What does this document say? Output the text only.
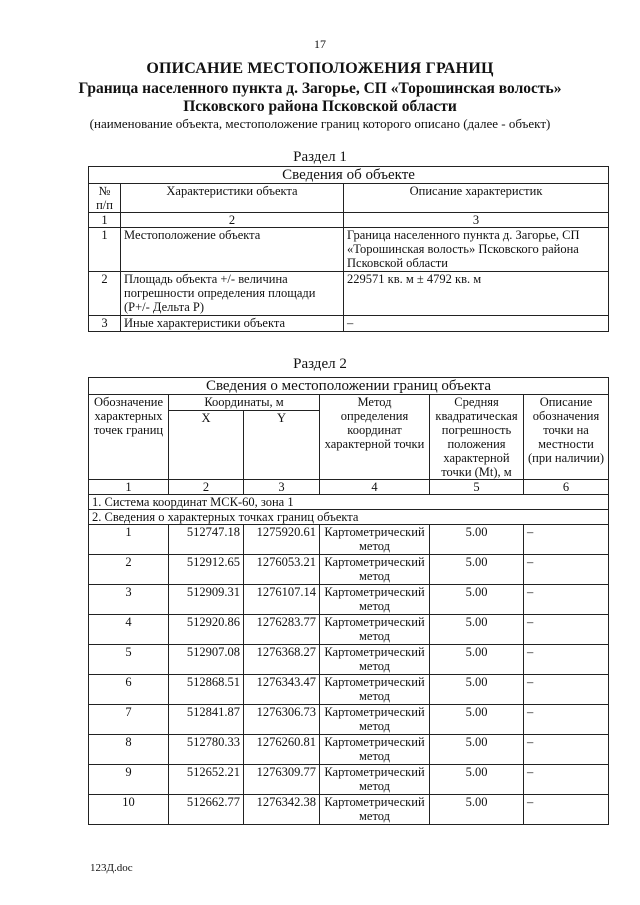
17
ОПИСАНИЕ МЕСТОПОЛОЖЕНИЯ ГРАНИЦ
Граница населенного пункта д. Загорье, СП «Торошинская волость»
Псковского района Псковской области
(наименование объекта, местоположение границ которого описано (далее - объект)
Раздел 1
Сведения об объекте		
№ п/п	Характеристики объекта	Описание характеристик
1	2	3
1	Местоположение объекта	Граница населенного пункта д. Загорье, СП «Торошинская волость» Псковского района Псковской области
2	Площадь объекта +/- величина погрешности определения площади (Р+/- Дельта Р)	229571 кв. м ± 4792 кв. м
3	Иные характеристики объекта	–
Раздел 2
Сведения о местоположении границ объекта					
Обозначение характерных точек границ	Координаты, м		Метод определения координат характерной точки	Средняя квадратическая погрешность положения характерной точки (Mt), м	Описание обозначения точки на местности (при наличии)
	X	Y			
1	2	3	4	5	6
1. Система координат МСК-60, зона 1					
2. Сведения о характерных точках границ объекта					
1	512747.18	1275920.61	Картометрический метод	5.00	–
2	512912.65	1276053.21	Картометрический метод	5.00	–
3	512909.31	1276107.14	Картометрический метод	5.00	–
4	512920.86	1276283.77	Картометрический метод	5.00	–
5	512907.08	1276368.27	Картометрический метод	5.00	–
6	512868.51	1276343.47	Картометрический метод	5.00	–
7	512841.87	1276306.73	Картометрический метод	5.00	–
8	512780.33	1276260.81	Картометрический метод	5.00	–
9	512652.21	1276309.77	Картометрический метод	5.00	–
10	512662.77	1276342.38	Картометрический метод	5.00	–
123Д.doc
